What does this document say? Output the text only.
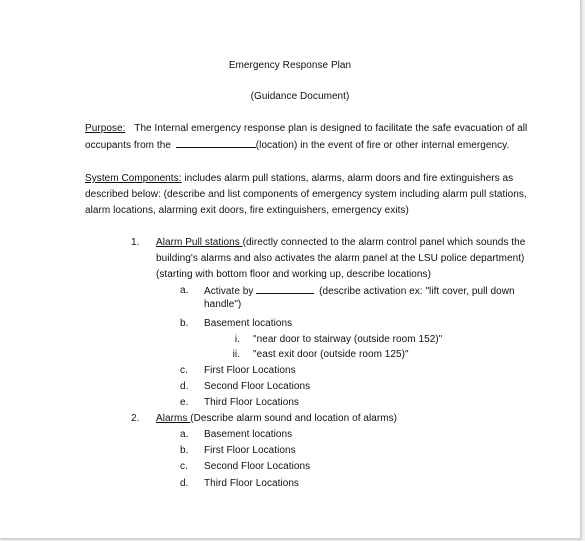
Emergency Response Plan
(Guidance Document)
Purpose: The Internal emergency response plan is designed to facilitate the safe evacuation of all
occupants from the	(location) in the event of fire or other internal emergency.
System Components: includes alarm pull stations, alarms, alarm doors and fire extinguishers as
described below: (describe and list components of emergency system including alarm pull stations,
alarm locations, alarming exit doors, fire extinguishers, emergency exits)
1. Alarm Pull stations (directly connected to the alarm control panel which sounds the
building's alarms and also activates the alarm panel at the LSU police department)
(starting with bottom floor and working up, describe locations)
a. Activate by	(describe activation ex: "lift cover, pull down
handle")
b. Basement locations
i. "near door to stairway (outside room 152)"
ii. "east exit door (outside room 125)"
c. First Floor Locations
d. Second Floor Locations
e. Third Floor Locations
2. Alarms (Describe alarm sound and location of alarms)
a. Basement locations
b. First Floor Locations
c. Second Floor Locations
d. Third Floor Locations
